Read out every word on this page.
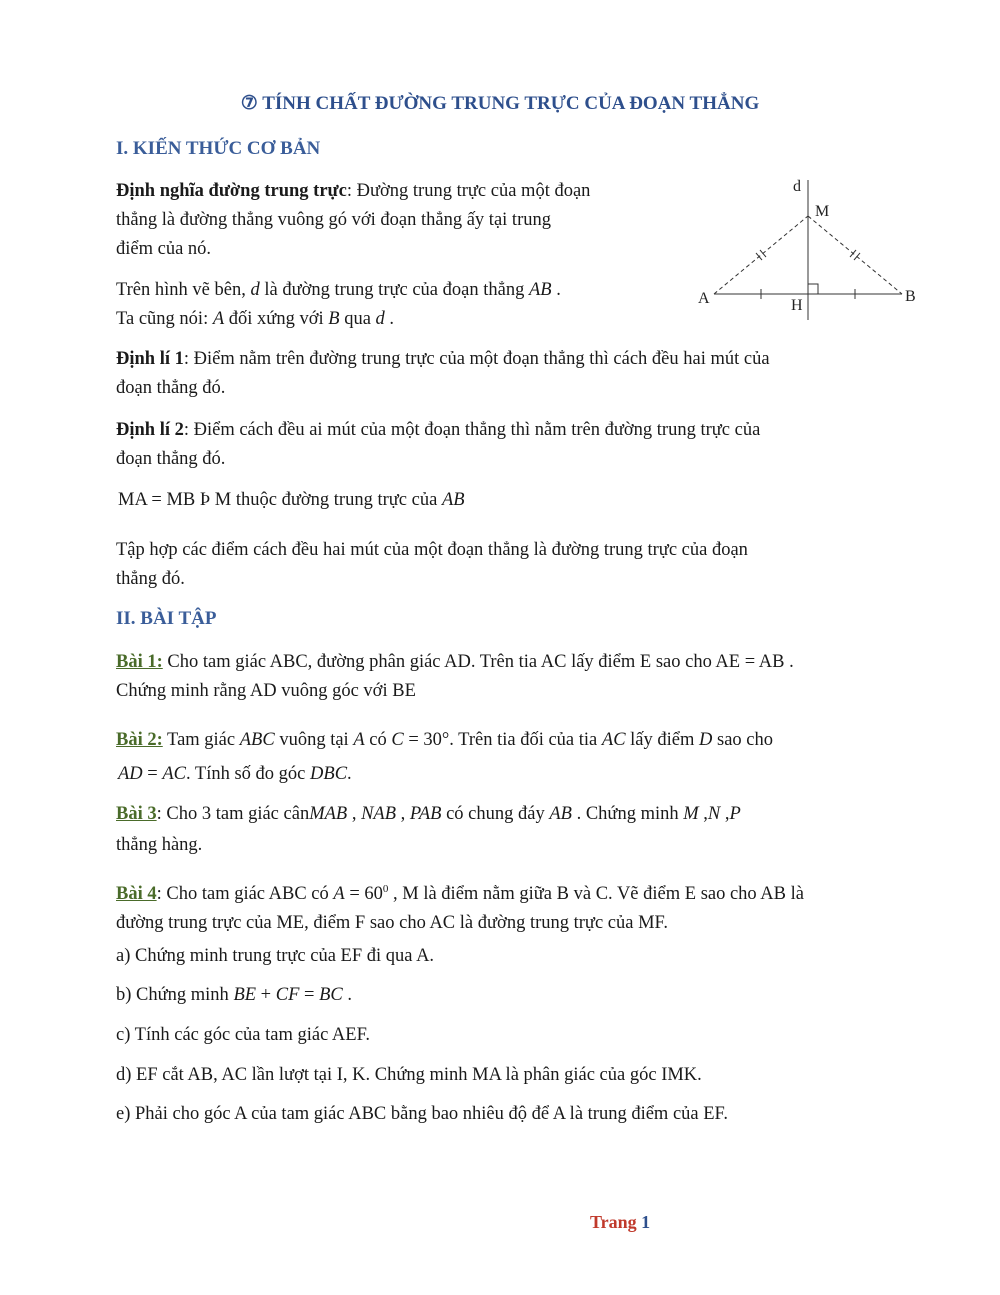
⑦ TÍNH CHẤT ĐƯỜNG TRUNG TRỰC CỦA ĐOẠN THẲNG
I. KIẾN THỨC CƠ BẢN
Định nghĩa đường trung trực: Đường trung trực của một đoạn
thẳng là đường thẳng vuông gó với đoạn thẳng ấy tại trung
điểm của nó.
Trên hình vẽ bên, d là đường trung trực của đoạn thẳng AB .
Ta cũng nói: A đối xứng với B qua d .
d
M
A	H
B
Định lí 1: Điểm nằm trên đường trung trực của một đoạn thẳng thì cách đều hai mút của
đoạn thẳng đó.
Định lí 2: Điểm cách đều ai mút của một đoạn thẳng thì nằm trên đường trung trực của
đoạn thẳng đó.
MA = MB Þ M thuộc đường trung trực của AB
Tập hợp các điểm cách đều hai mút của một đoạn thẳng là đường trung trực của đoạn
thẳng đó.
II. BÀI TẬP
Bài 1: Cho tam giác ABC, đường phân giác AD. Trên tia AC lấy điểm E sao cho AE = AB .
Chứng minh rằng AD vuông góc với BE
Bài 2: Tam giác ABC vuông tại A có C = 30°. Trên tia đối của tia AC lấy điểm D sao cho
AD = AC. Tính số đo góc DBC.
Bài 3: Cho 3 tam giác cânMAB , NAB , PAB có chung đáy AB . Chứng minh M ,N ,P
thẳng hàng.
Bài 4: Cho tam giác ABC có $A = 60^0$ , M là điểm nằm giữa B và C. Vẽ điểm E sao cho AB là
đường trung trực của ME, điểm F sao cho AC là đường trung trực của MF.
a) Chứng minh trung trực của EF đi qua A.
b) Chứng minh BE + CF = BC .
c) Tính các góc của tam giác AEF.
d) EF cắt AB, AC lần lượt tại I, K. Chứng minh MA là phân giác của góc IMK.
e) Phải cho góc A của tam giác ABC bằng bao nhiêu độ để A là trung điểm của EF.
Trang 1
